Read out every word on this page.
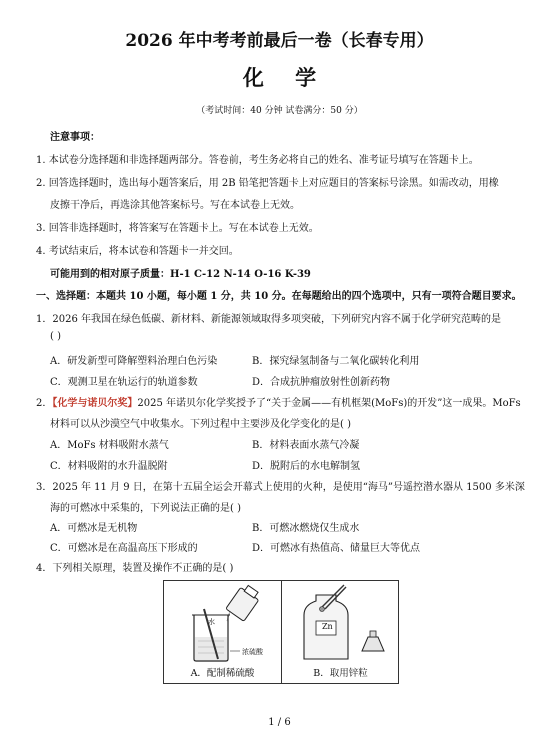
2026 年中考考前最后一卷（长春专用）
化 学
（考试时间：40 分钟 试卷满分：50 分）
注意事项：
1. 本试卷分选择题和非选择题两部分。答卷前，考生务必将自己的姓名、准考证号填写在答题卡上。
2. 回答选择题时，选出每小题答案后，用 2B 铅笔把答题卡上对应题目的答案标号涂黑。如需改动，用橡
皮擦干净后，再选涂其他答案标号。写在本试卷上无效。
3. 回答非选择题时，将答案写在答题卡上。写在本试卷上无效。
4. 考试结束后，将本试卷和答题卡一并交回。
可能用到的相对原子质量：H-1 C-12 N-14 O-16 K-39
一、选择题：本题共 10 小题，每小题 1 分，共 10 分。在每题给出的四个选项中，只有一项符合题目要求。
1．2026 年我国在绿色低碳、新材料、新能源领域取得多项突破，下列研究内容不属于化学研究范畴的是
( )
A．研发新型可降解塑料治理白色污染	B．探究绿氢制备与二氧化碳转化利用
C．观测卫星在轨运行的轨道参数	D．合成抗肿瘤放射性创新药物
2．【化学与诺贝尔奖】2025 年诺贝尔化学奖授予了“关于金属——有机框架(MoFs)的开发”这一成果。MoFs
材料可以从沙漠空气中收集水。下列过程中主要涉及化学变化的是( )
A．MoFs 材料吸附水蒸气	B．材料表面水蒸气冷凝
C．材料吸附的水升温脱附	D．脱附后的水电解制氢
3．2025 年 11 月 9 日，在第十五届全运会开幕式上使用的火种，是使用“海马”号遥控潜水器从 1500 多米深
海的可燃冰中采集的，下列说法正确的是( )
A．可燃冰是无机物	B．可燃冰燃烧仅生成水
水
浓硫酸
Zn
A．配制稀硫酸	B．取用锌粒
1 / 6
C．可燃冰是在高温高压下形成的	D．可燃冰有热值高、储量巨大等优点
4．下列相关原理，装置及操作不正确的是( )
